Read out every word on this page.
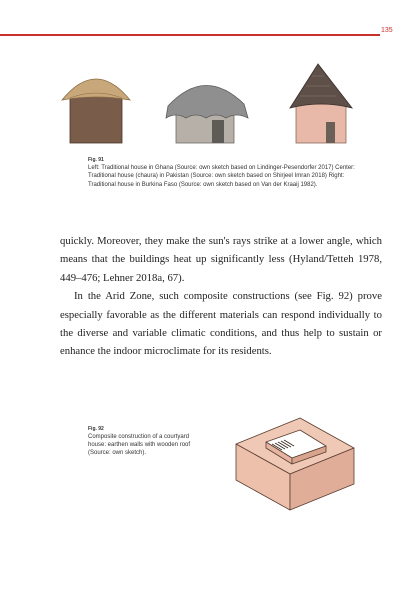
135
Fig. 91
Left: Traditional house in Ghana (Source: own sketch based on Lindinger-Pesendorfer 2017) Center: Traditional house (chaura) in Pakistan (Source: own sketch based on Shirjeel Imran 2018) Right: Traditional house in Burkina Faso (Source: own sketch based on Van der Kraaij 1982).

quickly. Moreover, they make the sun's rays strike at a lower angle, which means that the buildings heat up significantly less (Hyland/Tetteh 1978, 449–476; Lehner 2018a, 67).

In the Arid Zone, such composite constructions (see Fig. 92) prove especially favorable as the different materials can respond individually to the diverse and variable climatic conditions, and thus help to sustain or enhance the indoor microclimate for its residents.

Fig. 92
Composite construction of a courtyard house: earthen walls with wooden roof (Source: own sketch).
